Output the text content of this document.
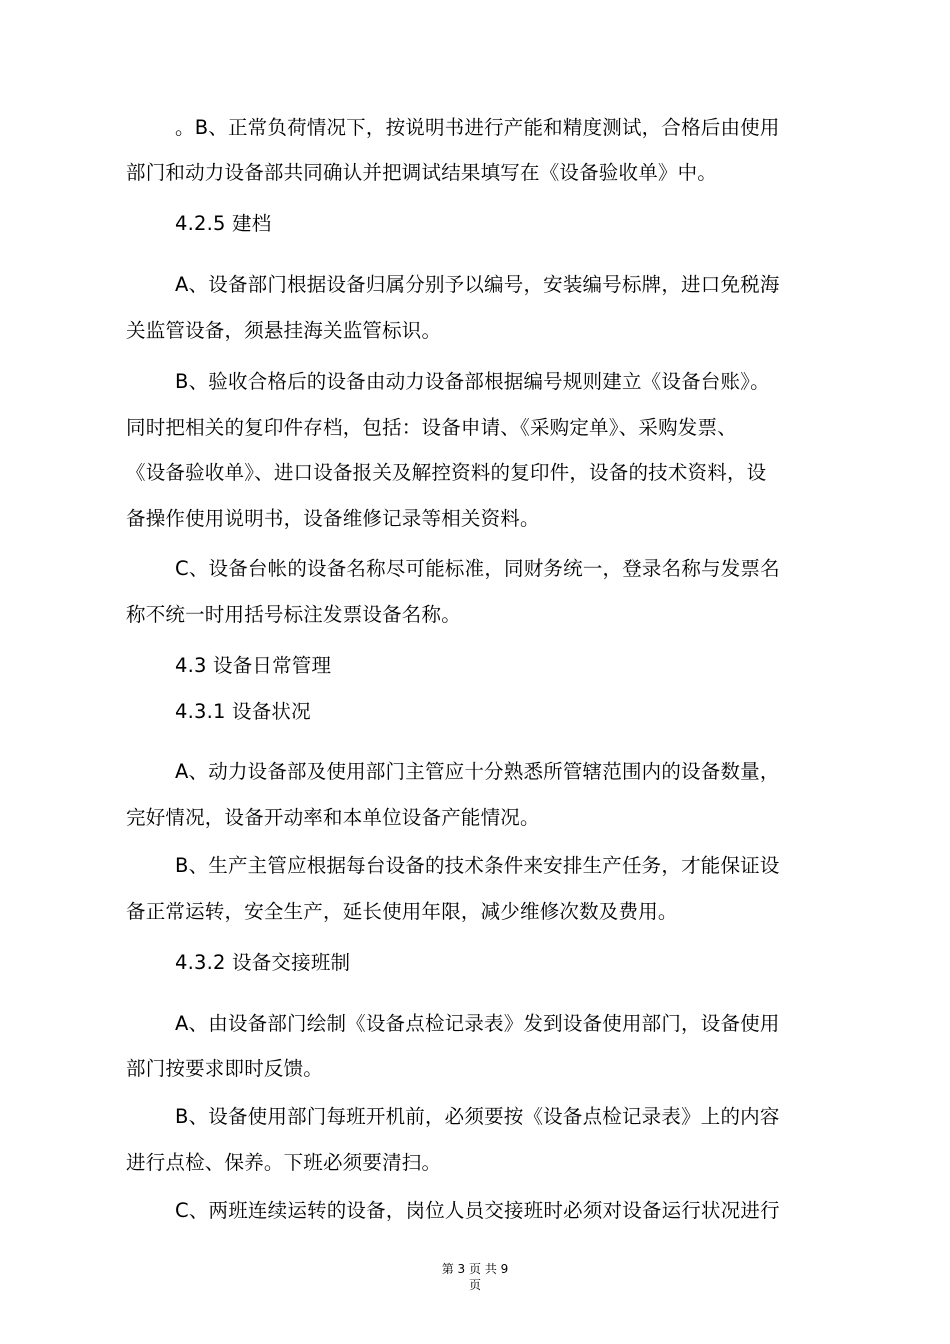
。B、正常负荷情况下，按说明书进行产能和精度测试，合格后由使用
部门和动力设备部共同确认并把调试结果填写在《设备验收单》中。
4.2.5 建档
A、设备部门根据设备归属分别予以编号，安装编号标牌，进口免税海
关监管设备，须悬挂海关监管标识。
B、验收合格后的设备由动力设备部根据编号规则建立《设备台账》。
同时把相关的复印件存档，包括：设备申请、《采购定单》、采购发票、
《设备验收单》、进口设备报关及解控资料的复印件，设备的技术资料，设
备操作使用说明书，设备维修记录等相关资料。
C、设备台帐的设备名称尽可能标准，同财务统一，登录名称与发票名
称不统一时用括号标注发票设备名称。
4.3 设备日常管理
4.3.1 设备状况
A、动力设备部及使用部门主管应十分熟悉所管辖范围内的设备数量，
完好情况，设备开动率和本单位设备产能情况。
B、生产主管应根据每台设备的技术条件来安排生产任务，才能保证设
备正常运转，安全生产，延长使用年限，减少维修次数及费用。
4.3.2 设备交接班制
A、由设备部门绘制《设备点检记录表》发到设备使用部门，设备使用
部门按要求即时反馈。
B、设备使用部门每班开机前，必须要按《设备点检记录表》上的内容
进行点检、保养。下班必须要清扫。
C、两班连续运转的设备，岗位人员交接班时必须对设备运行状况进行
第 3 页 共 9
页
